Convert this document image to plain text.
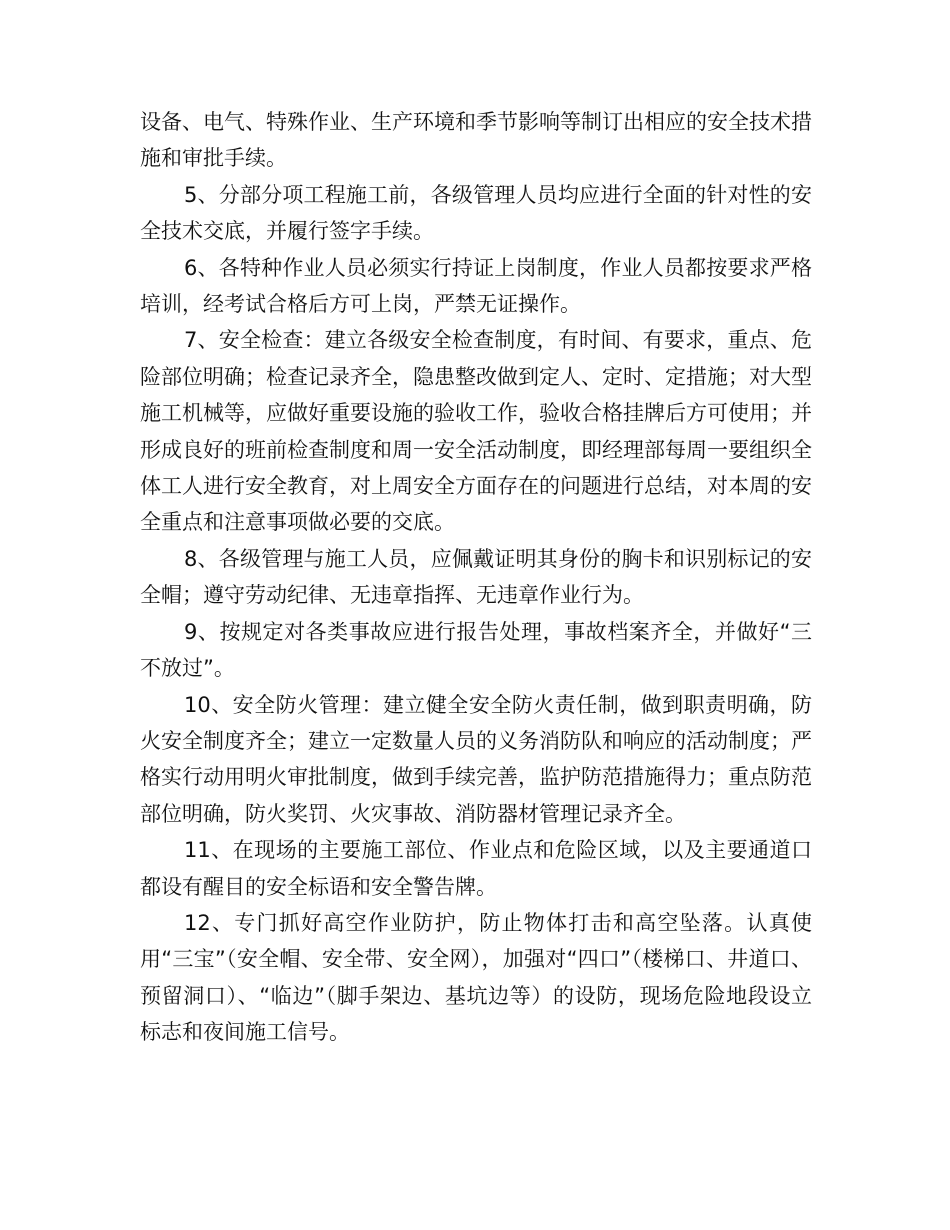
设备、电气、特殊作业、生产环境和季节影响等制订出相应的安全技术措施和审批手续。

5、分部分项工程施工前，各级管理人员均应进行全面的针对性的安全技术交底，并履行签字手续。

6、各特种作业人员必须实行持证上岗制度，作业人员都按要求严格培训，经考试合格后方可上岗，严禁无证操作。

7、安全检查：建立各级安全检查制度，有时间、有要求，重点、危险部位明确；检查记录齐全，隐患整改做到定人、定时、定措施；对大型施工机械等，应做好重要设施的验收工作，验收合格挂牌后方可使用；并形成良好的班前检查制度和周一安全活动制度，即经理部每周一要组织全体工人进行安全教育，对上周安全方面存在的问题进行总结，对本周的安全重点和注意事项做必要的交底。

8、各级管理与施工人员，应佩戴证明其身份的胸卡和识别标记的安全帽；遵守劳动纪律、无违章指挥、无违章作业行为。

9、按规定对各类事故应进行报告处理，事故档案齐全，并做好“三不放过”。

10、安全防火管理：建立健全安全防火责任制，做到职责明确，防火安全制度齐全；建立一定数量人员的义务消防队和响应的活动制度；严格实行动用明火审批制度，做到手续完善，监护防范措施得力；重点防范部位明确，防火奖罚、火灾事故、消防器材管理记录齐全。

11、在现场的主要施工部位、作业点和危险区域，以及主要通道口都设有醒目的安全标语和安全警告牌。

12、专门抓好高空作业防护，防止物体打击和高空坠落。认真使用“三宝”（安全帽、安全带、安全网），加强对“四口”（楼梯口、井道口、预留洞口）、“临边”（脚手架边、基坑边等）的设防，现场危险地段设立标志和夜间施工信号。
